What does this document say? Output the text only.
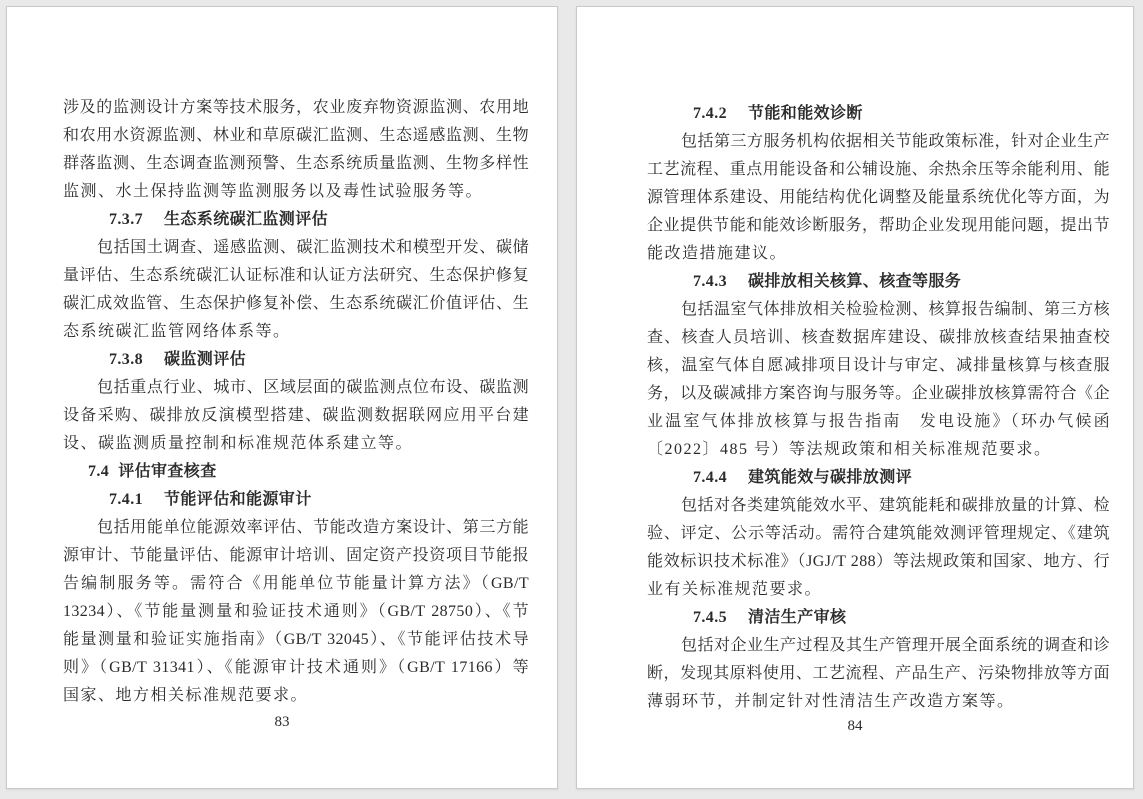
涉及的监测设计方案等技术服务，农业废弃物资源监测、农用地
和农用水资源监测、林业和草原碳汇监测、生态遥感监测、生物
群落监测、生态调查监测预警、生态系统质量监测、生物多样性
监测、水土保持监测等监测服务以及毒性试验服务等。
7.3.7 生态系统碳汇监测评估
包括国土调查、遥感监测、碳汇监测技术和模型开发、碳储
量评估、生态系统碳汇认证标准和认证方法研究、生态保护修复
碳汇成效监管、生态保护修复补偿、生态系统碳汇价值评估、生
态系统碳汇监管网络体系等。
7.3.8 碳监测评估
包括重点行业、城市、区域层面的碳监测点位布设、碳监测
设备采购、碳排放反演模型搭建、碳监测数据联网应用平台建
设、碳监测质量控制和标准规范体系建立等。
7.4 评估审查核查
7.4.1 节能评估和能源审计
包括用能单位能源效率评估、节能改造方案设计、第三方能
源审计、节能量评估、能源审计培训、固定资产投资项目节能报
告编制服务等。需符合《用能单位节能量计算方法》（GB/T
13234）、《节能量测量和验证技术通则》（GB/T 28750）、《节
能量测量和验证实施指南》（GB/T 32045）、《节能评估技术导
则》（GB/T 31341）、《能源审计技术通则》（GB/T 17166）等
国家、地方相关标准规范要求。
83
7.4.2 节能和能效诊断
包括第三方服务机构依据相关节能政策标准，针对企业生产
工艺流程、重点用能设备和公辅设施、余热余压等余能利用、能
源管理体系建设、用能结构优化调整及能量系统优化等方面，为
企业提供节能和能效诊断服务，帮助企业发现用能问题，提出节
能改造措施建议。
7.4.3 碳排放相关核算、核查等服务
包括温室气体排放相关检验检测、核算报告编制、第三方核
查、核查人员培训、核查数据库建设、碳排放核查结果抽查校
核，温室气体自愿减排项目设计与审定、减排量核算与核查服
务，以及碳减排方案咨询与服务等。企业碳排放核算需符合《企
业温室气体排放核算与报告指南　发电设施》（环办气候函
〔2022〕485 号）等法规政策和相关标准规范要求。
7.4.4 建筑能效与碳排放测评
包括对各类建筑能效水平、建筑能耗和碳排放量的计算、检
验、评定、公示等活动。需符合建筑能效测评管理规定、《建筑
能效标识技术标准》（JGJ/T 288）等法规政策和国家、地方、行
业有关标准规范要求。
7.4.5 清洁生产审核
包括对企业生产过程及其生产管理开展全面系统的调查和诊
断，发现其原料使用、工艺流程、产品生产、污染物排放等方面
薄弱环节，并制定针对性清洁生产改造方案等。
84
